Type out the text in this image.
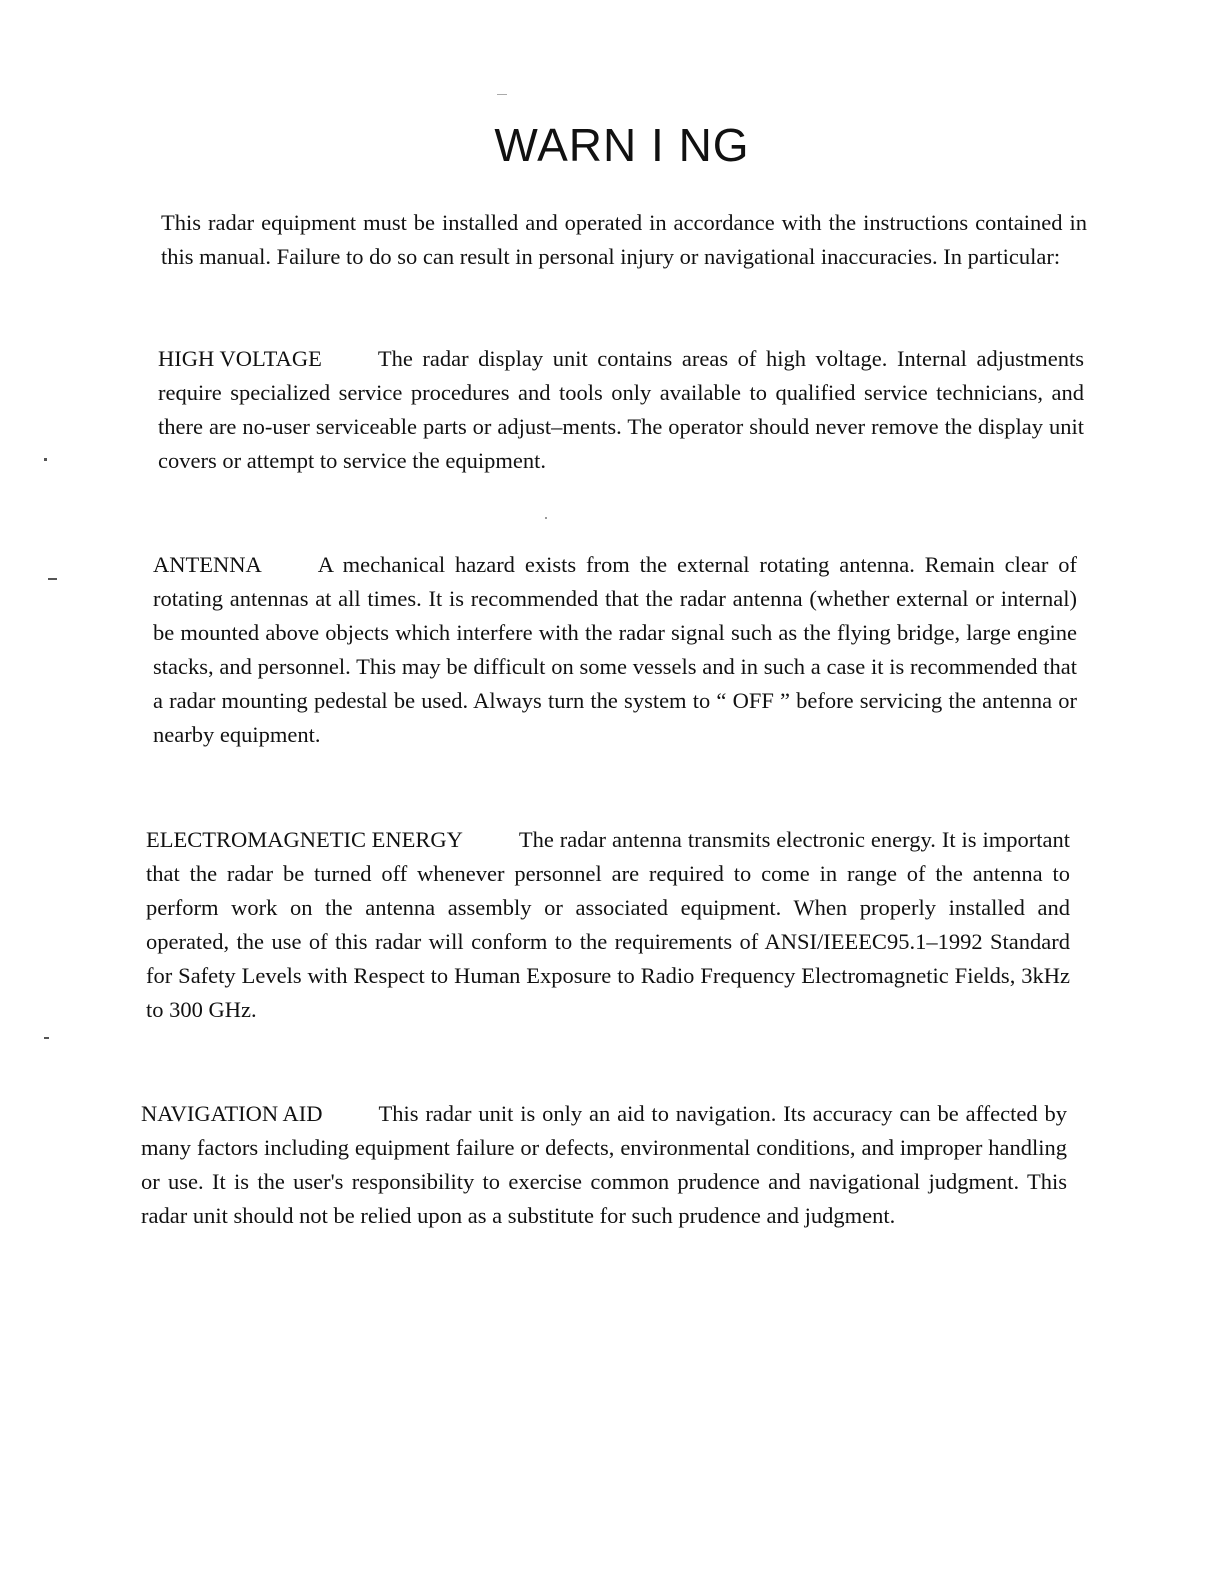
WARN I NG

This radar equipment must be installed and operated in accordance with the instructions contained in this manual. Failure to do so can result in personal injury or navigational inaccuracies. In particular:

HIGH VOLTAGE The radar display unit contains areas of high voltage. Internal adjustments require specialized service procedures and tools only available to qualified service technicians, and there are no-user serviceable parts or adjust–ments. The operator should never remove the display unit covers or attempt to service the equipment.

ANTENNA A mechanical hazard exists from the external rotating antenna. Remain clear of rotating antennas at all times. It is recommended that the radar antenna (whether external or internal) be mounted above objects which interfere with the radar signal such as the flying bridge, large engine stacks, and personnel. This may be difficult on some vessels and in such a case it is recommended that a radar mounting pedestal be used. Always turn the system to “ OFF ” before servicing the antenna or nearby equipment.

ELECTROMAGNETIC ENERGY The radar antenna transmits electronic energy. It is important that the radar be turned off whenever personnel are required to come in range of the antenna to perform work on the antenna assembly or associated equipment. When properly installed and operated, the use of this radar will conform to the requirements of ANSI/IEEEC95.1–1992 Standard for Safety Levels with Respect to Human Exposure to Radio Frequency Electromagnetic Fields, 3kHz to 300 GHz.

NAVIGATION AID This radar unit is only an aid to navigation. Its accuracy can be affected by many factors including equipment failure or defects, environmental conditions, and improper handling or use. It is the user's responsibility to exercise common prudence and navigational judgment. This radar unit should not be relied upon as a substitute for such prudence and judgment.
